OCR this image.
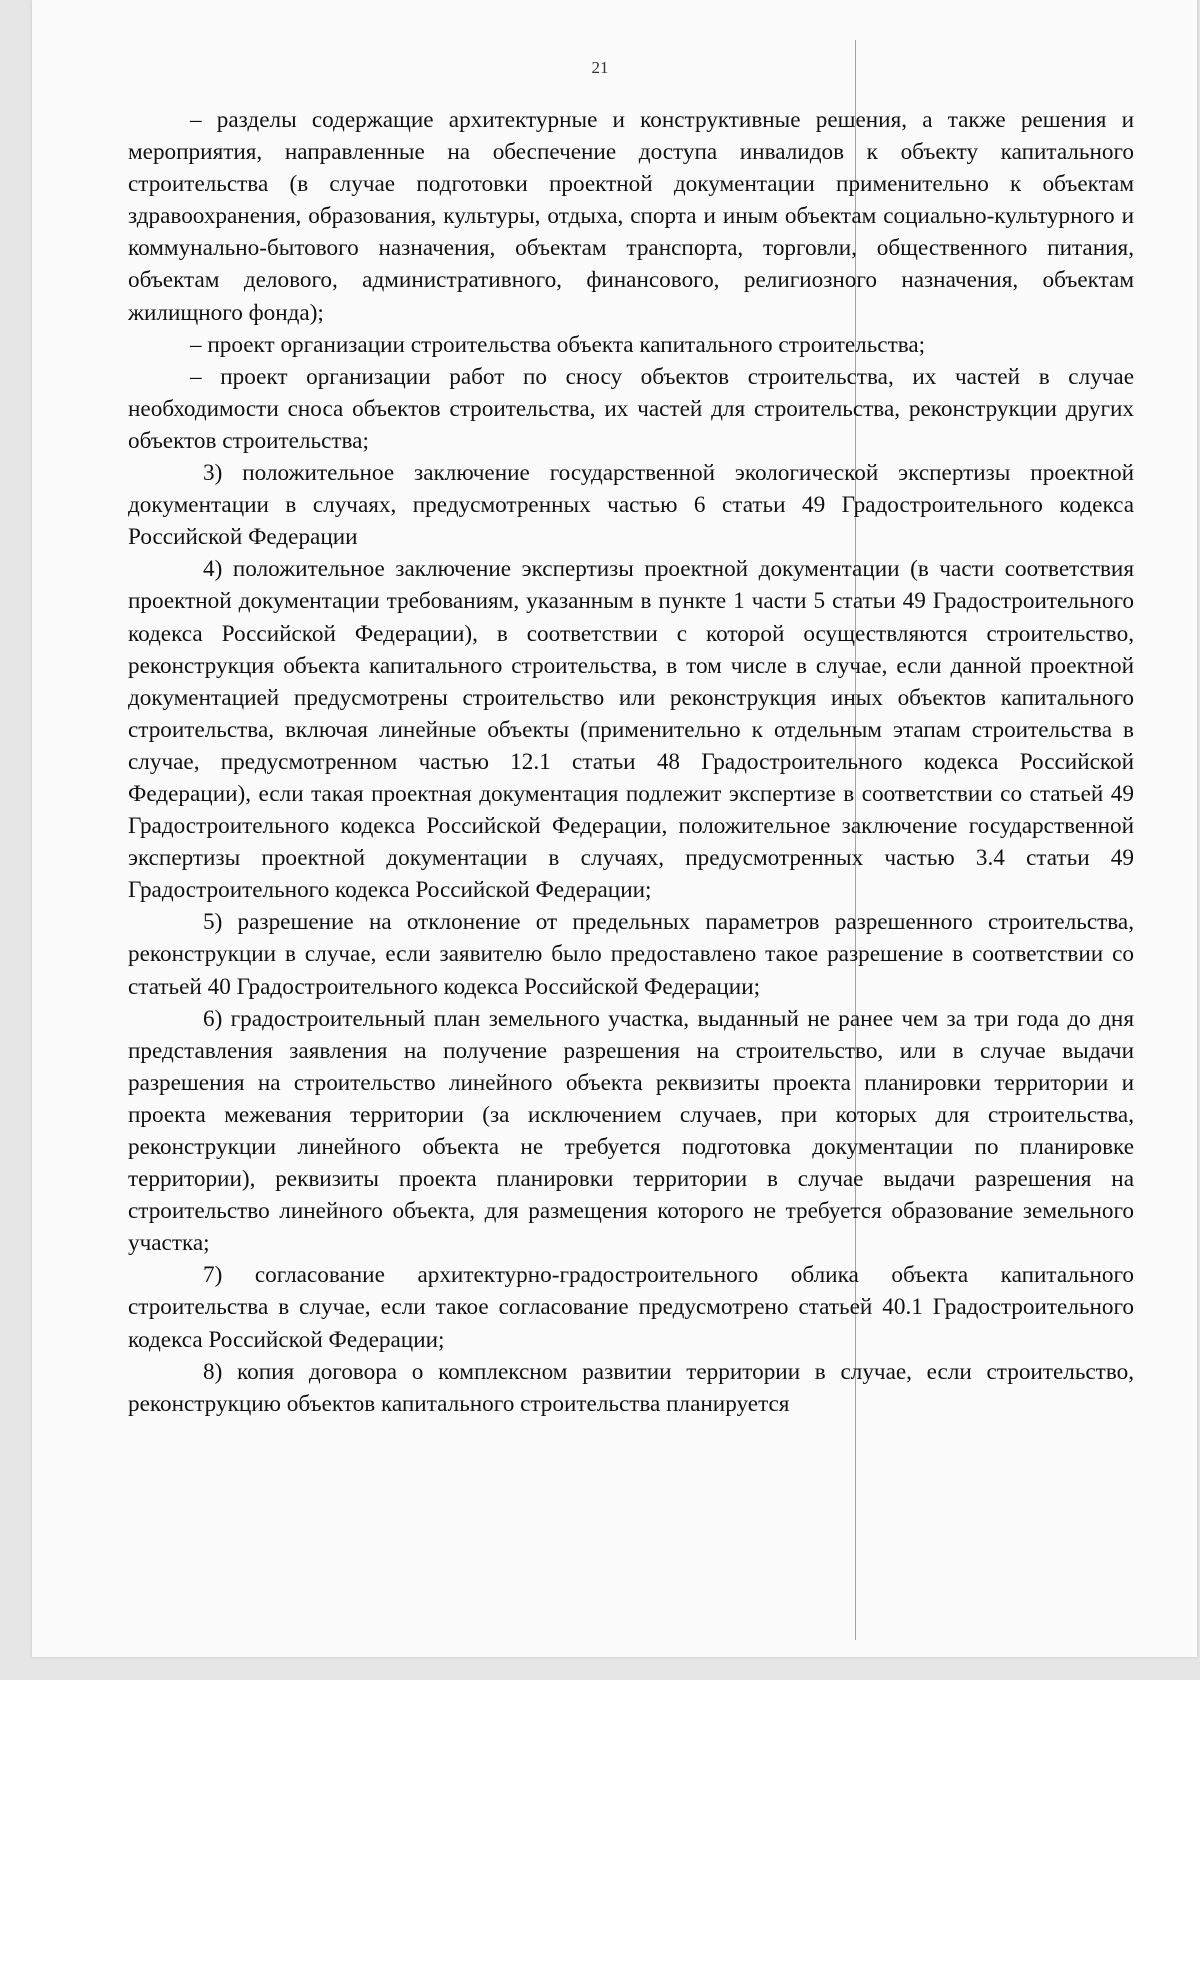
21

– разделы содержащие архитектурные и конструктивные решения, а также решения и мероприятия, направленные на обеспечение доступа инвалидов к объекту капитального строительства (в случае подготовки проектной документации применительно к объектам здравоохранения, образования, культуры, отдыха, спорта и иным объектам социально-культурного и коммунально-бытового назначения, объектам транспорта, торговли, общественного питания, объектам делового, административного, финансового, религиозного назначения, объектам жилищного фонда);

– проект организации строительства объекта капитального строительства;

– проект организации работ по сносу объектов строительства, их частей в случае необходимости сноса объектов строительства, их частей для строительства, реконструкции других объектов строительства;

3) положительное заключение государственной экологической экспертизы проектной документации в случаях, предусмотренных частью 6 статьи 49 Градостроительного кодекса Российской Федерации

4) положительное заключение экспертизы проектной документации (в части соответствия проектной документации требованиям, указанным в пункте 1 части 5 статьи 49 Градостроительного кодекса Российской Федерации), в соответствии с которой осуществляются строительство, реконструкция объекта капитального строительства, в том числе в случае, если данной проектной документацией предусмотрены строительство или реконструкция иных объектов капитального строительства, включая линейные объекты (применительно к отдельным этапам строительства в случае, предусмотренном частью 12.1 статьи 48 Градостроительного кодекса Российской Федерации), если такая проектная документация подлежит экспертизе в соответствии со статьей 49 Градостроительного кодекса Российской Федерации, положительное заключение государственной экспертизы проектной документации в случаях, предусмотренных частью 3.4 статьи 49 Градостроительного кодекса Российской Федерации;

5) разрешение на отклонение от предельных параметров разрешенного строительства, реконструкции в случае, если заявителю было предоставлено такое разрешение в соответствии со статьей 40 Градостроительного кодекса Российской Федерации;

6) градостроительный план земельного участка, выданный не ранее чем за три года до дня представления заявления на получение разрешения на строительство, или в случае выдачи разрешения на строительство линейного объекта реквизиты проекта планировки территории и проекта межевания территории (за исключением случаев, при которых для строительства, реконструкции линейного объекта не требуется подготовка документации по планировке территории), реквизиты проекта планировки территории в случае выдачи разрешения на строительство линейного объекта, для размещения которого не требуется образование земельного участка;

7) согласование архитектурно-градостроительного облика объекта капитального строительства в случае, если такое согласование предусмотрено статьей 40.1 Градостроительного кодекса Российской Федерации;

8) копия договора о комплексном развитии территории в случае, если строительство, реконструкцию объектов капитального строительства планируется
